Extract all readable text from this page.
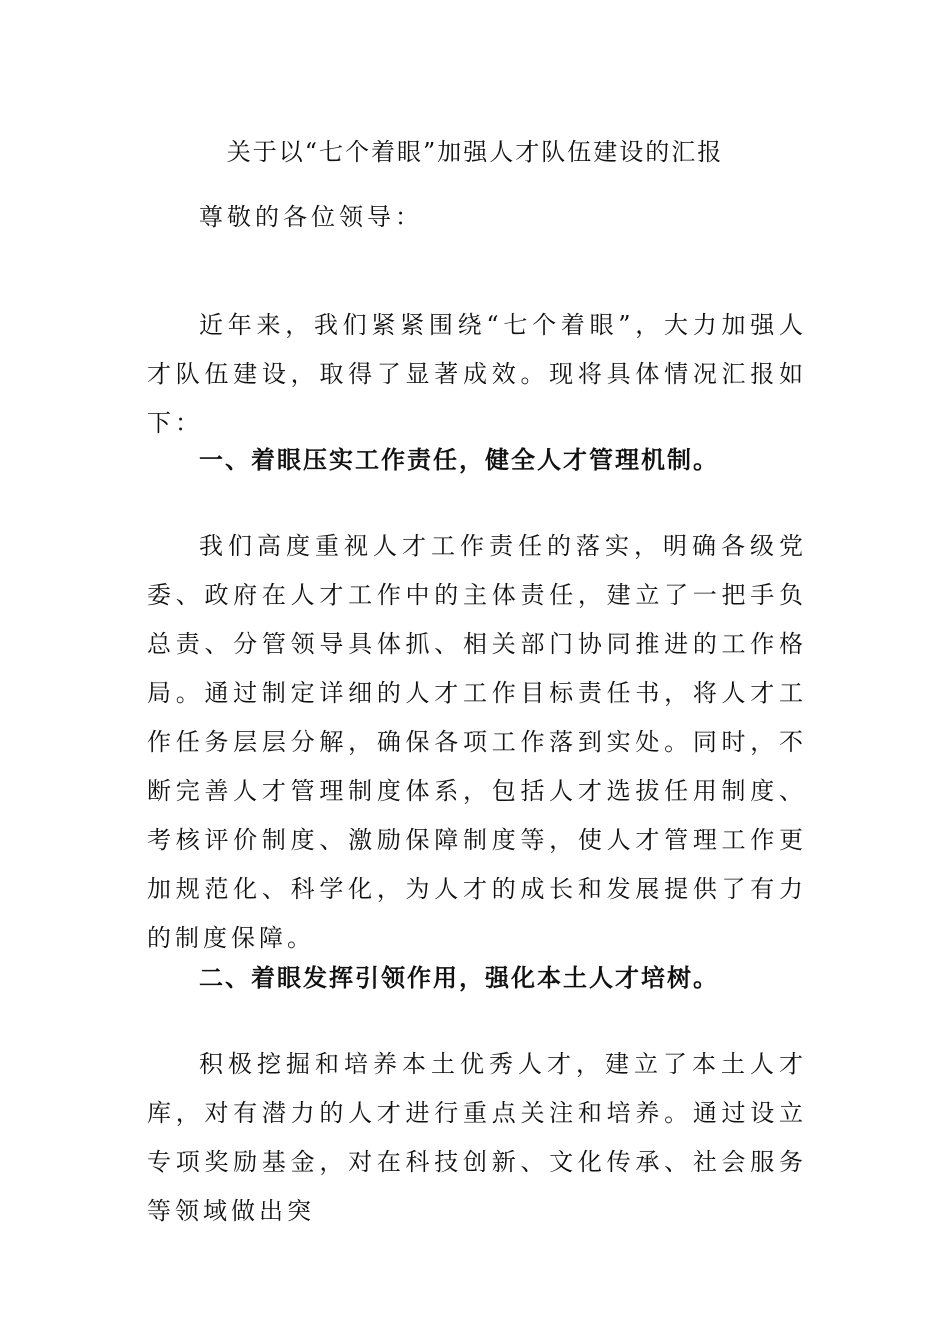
关于以“七个着眼”加强人才队伍建设的汇报
尊敬的各位领导：
近年来，我们紧紧围绕“七个着眼”，大力加强人才队伍建设，取得了显著成效。现将具体情况汇报如下：
一、着眼压实工作责任，健全人才管理机制。
我们高度重视人才工作责任的落实，明确各级党委、政府在人才工作中的主体责任，建立了一把手负总责、分管领导具体抓、相关部门协同推进的工作格局。通过制定详细的人才工作目标责任书，将人才工作任务层层分解，确保各项工作落到实处。同时，不断完善人才管理制度体系，包括人才选拔任用制度、考核评价制度、激励保障制度等，使人才管理工作更加规范化、科学化，为人才的成长和发展提供了有力的制度保障。
二、着眼发挥引领作用，强化本土人才培树。
积极挖掘和培养本土优秀人才，建立了本土人才库，对有潜力的人才进行重点关注和培养。通过设立专项奖励基金，对在科技创新、文化传承、社会服务等领域做出突
